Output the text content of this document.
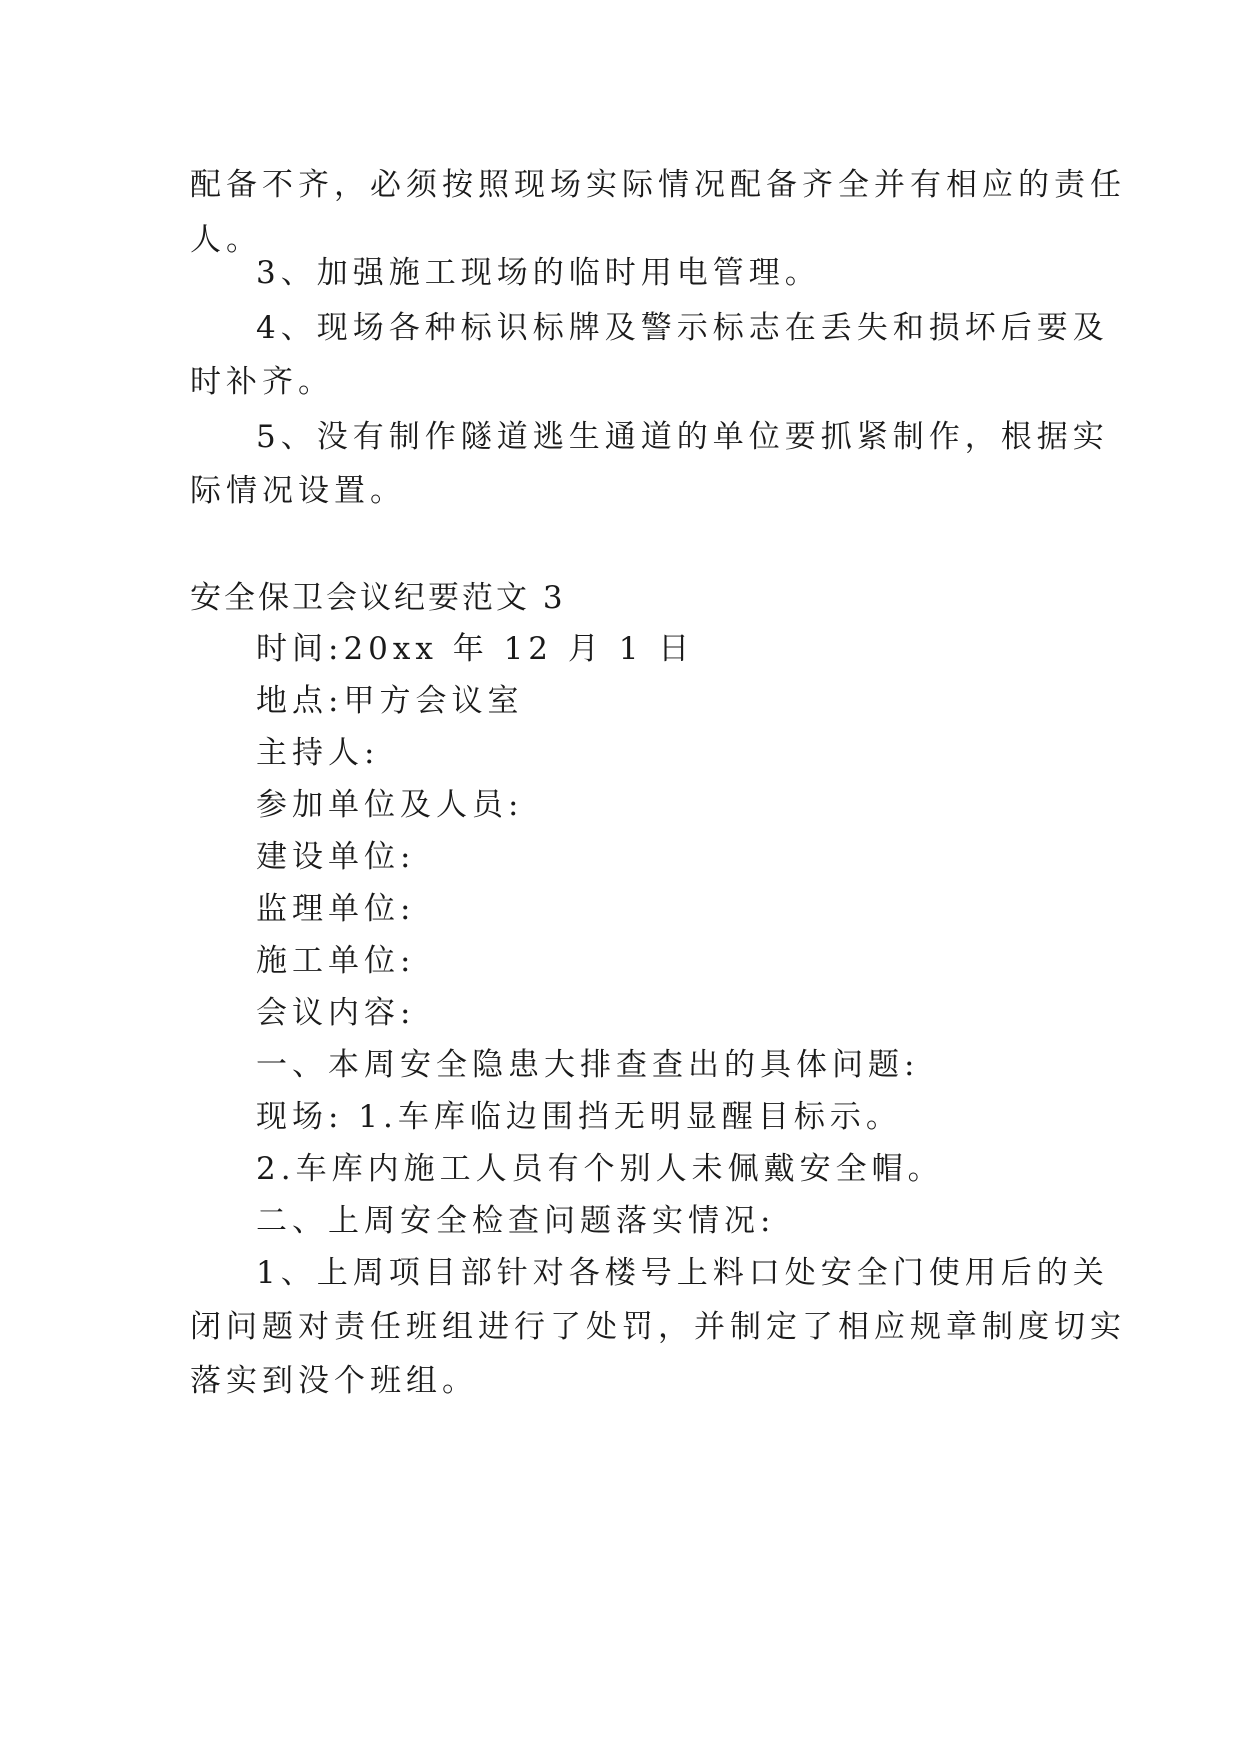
配备不齐，必须按照现场实际情况配备齐全并有相应的责任
人。
3、加强施工现场的临时用电管理。
4、现场各种标识标牌及警示标志在丢失和损坏后要及
时补齐。
5、没有制作隧道逃生通道的单位要抓紧制作，根据实
际情况设置。
安全保卫会议纪要范文 3
时间:20xx 年 12 月 1 日
地点:甲方会议室
主持人:
参加单位及人员:
建设单位:
监理单位:
施工单位:
会议内容:
一、本周安全隐患大排查查出的具体问题:
现场: 1.车库临边围挡无明显醒目标示。
2.车库内施工人员有个别人未佩戴安全帽。
二、上周安全检查问题落实情况:
1、上周项目部针对各楼号上料口处安全门使用后的关
闭问题对责任班组进行了处罚，并制定了相应规章制度切实
落实到没个班组。
